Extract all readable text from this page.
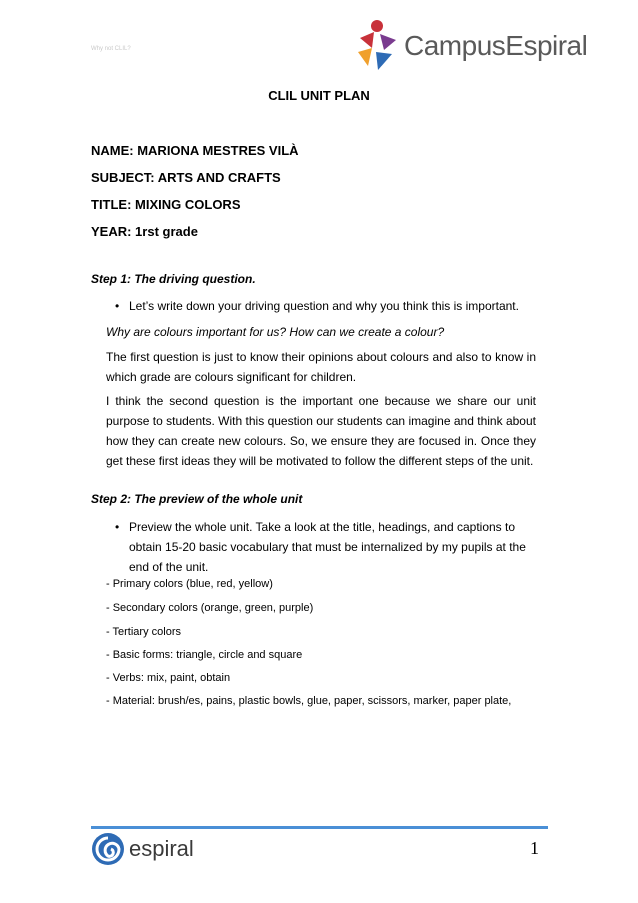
Why not CLIL?	CampusEspiral
CLIL UNIT PLAN
NAME: MARIONA MESTRES VILÀ
SUBJECT: ARTS AND CRAFTS
TITLE: MIXING COLORS
YEAR: 1rst grade
Step 1: The driving question.
• Let’s write down your driving question and why you think this is important.
Why are colours important for us? How can we create a colour?
The first question is just to know their opinions about colours and also to know in which grade are colours significant for children.
I think the second question is the important one because we share our unit purpose to students. With this question our students can imagine and think about how they can create new colours. So, we ensure they are focused in. Once they get these first ideas they will be motivated to follow the different steps of the unit.
Step 2: The preview of the whole unit
• Preview the whole unit. Take a look at the title, headings, and captions to obtain 15-20 basic vocabulary that must be internalized by my pupils at the end of the unit.
- Primary colors (blue, red, yellow)
- Secondary colors (orange, green, purple)
- Tertiary colors
- Basic forms: triangle, circle and square
- Verbs: mix, paint, obtain
- Material: brush/es, pains, plastic bowls, glue, paper, scissors, marker, paper plate,
espiral	1
